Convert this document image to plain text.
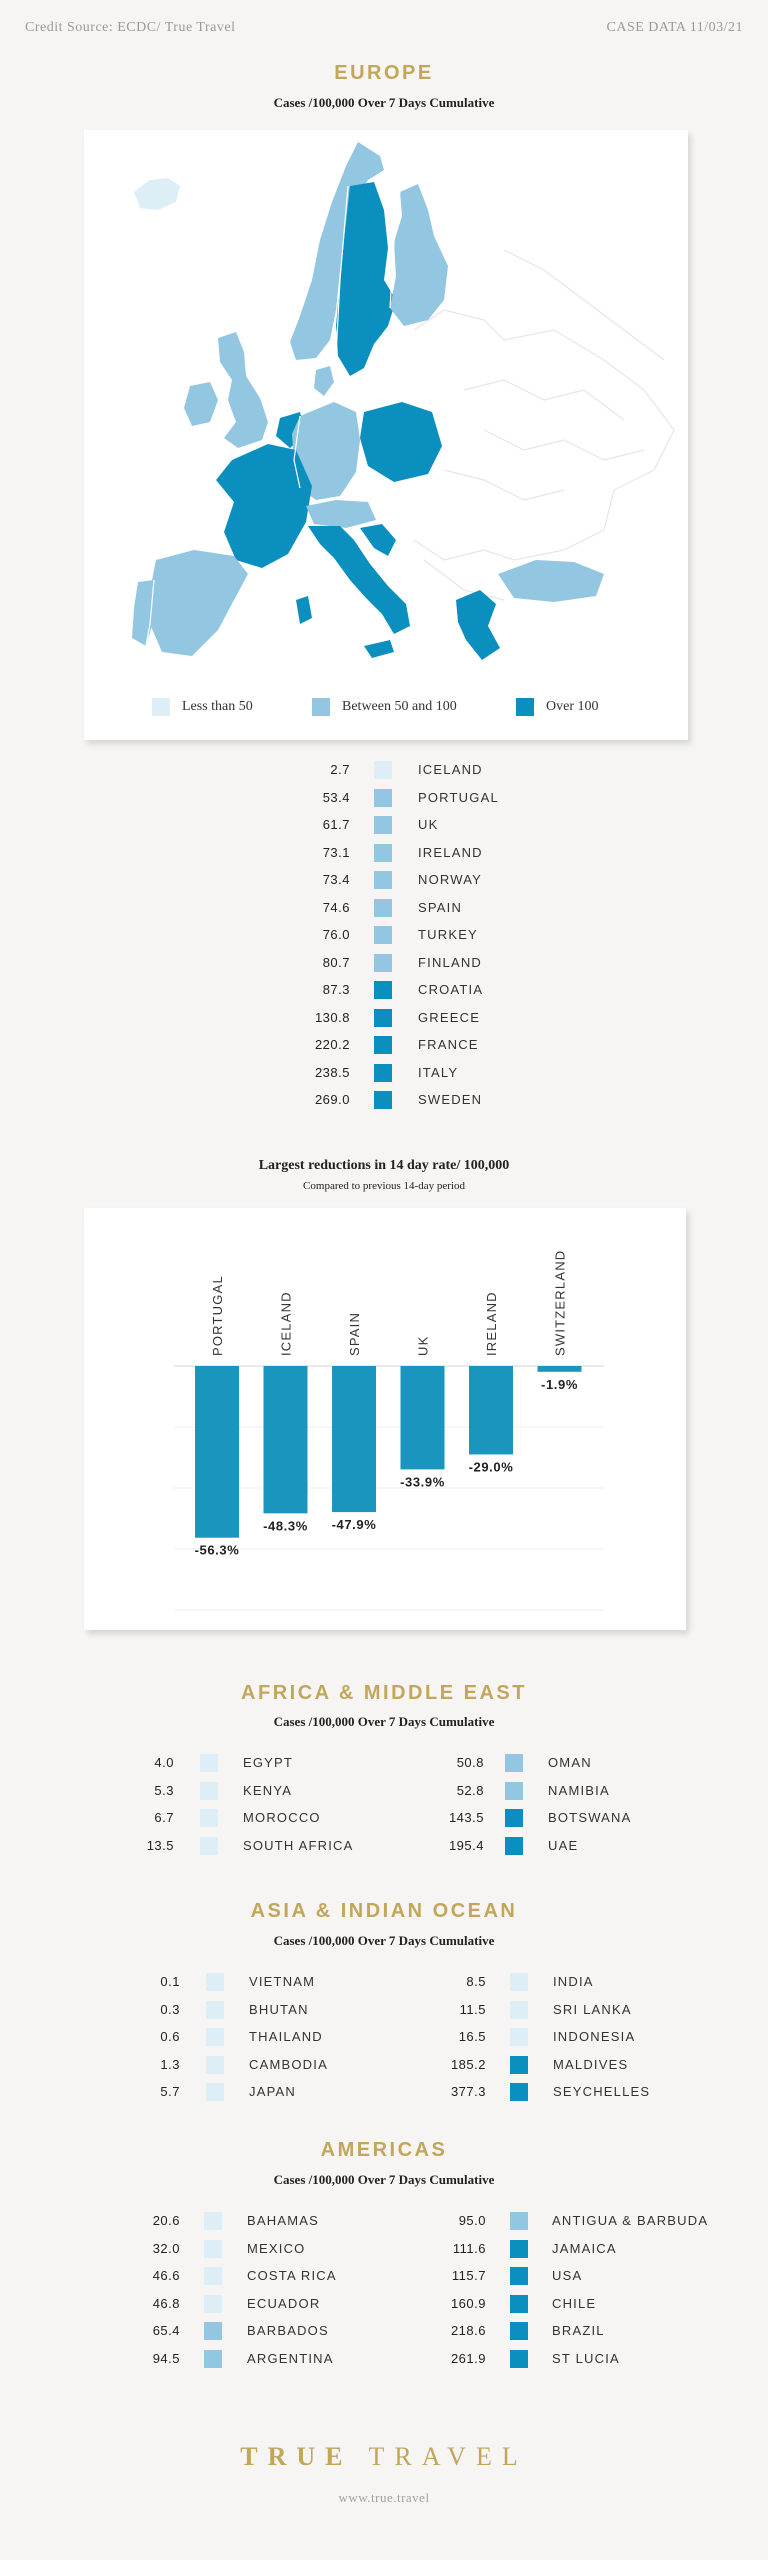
Credit Source: ECDC/ True Travel	CASE DATA 11/03/21
EUROPE
Cases /100,000 Over 7 Days Cumulative
Less than 50	Between 50 and 100	Over 100
2.7	ICELAND
53.4	PORTUGAL
61.7	UK
73.1	IRELAND
73.4	NORWAY
74.6	SPAIN
76.0	TURKEY
80.7	FINLAND
87.3	CROATIA
130.8	GREECE
220.2	FRANCE
238.5	ITALY
269.0	SWEDEN
Largest reductions in 14 day rate/ 100,000
Compared to previous 14-day period
-56.3%
PORTUGAL
-48.3%
ICELAND
-47.9%
SPAIN
-33.9%
UK
-29.0%
IRELAND
-1.9%
SWITZERLAND
AFRICA & MIDDLE EAST
Cases /100,000 Over 7 Days Cumulative
4.0	EGYPT
5.3	KENYA
6.7	MOROCCO
13.5	SOUTH AFRICA
50.8	OMAN
52.8	NAMIBIA
143.5	BOTSWANA
195.4	UAE
ASIA & INDIAN OCEAN
Cases /100,000 Over 7 Days Cumulative
0.1	VIETNAM
0.3	BHUTAN
0.6	THAILAND
1.3	CAMBODIA
5.7	JAPAN
8.5	INDIA
11.5	SRI LANKA
16.5	INDONESIA
185.2	MALDIVES
377.3	SEYCHELLES
AMERICAS
Cases /100,000 Over 7 Days Cumulative
20.6	BAHAMAS
32.0	MEXICO
46.6	COSTA RICA
46.8	ECUADOR
65.4	BARBADOS
94.5	ARGENTINA
95.0	ANTIGUA & BARBUDA
111.6	JAMAICA
115.7	USA
160.9	CHILE
218.6	BRAZIL
261.9	ST LUCIA
TRUE TRAVEL
www.true.travel
